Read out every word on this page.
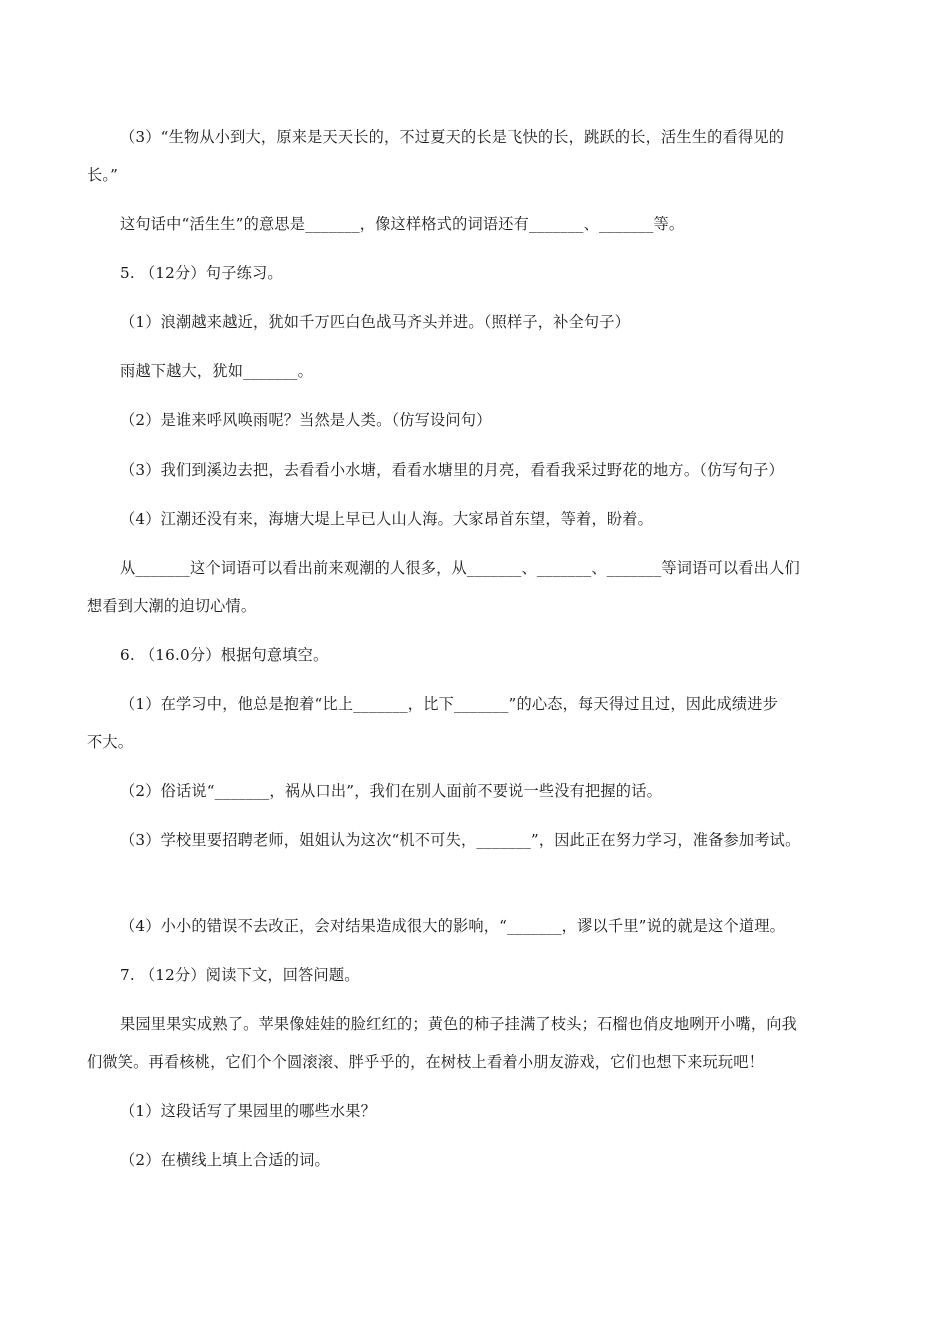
（3）“生物从小到大，原来是天天长的，不过夏天的长是飞快的长，跳跃的长，活生生的看得见的
长。”
这句话中“活生生”的意思是_______，像这样格式的词语还有_______、_______等。
5. （12分）句子练习。
（1）浪潮越来越近，犹如千万匹白色战马齐头并进。（照样子，补全句子）
雨越下越大，犹如_______。
（2）是谁来呼风唤雨呢？当然是人类。（仿写设问句）
（3）我们到溪边去把，去看看小水塘，看看水塘里的月亮，看看我采过野花的地方。（仿写句子）
（4）江潮还没有来，海塘大堤上早已人山人海。大家昂首东望，等着，盼着。
从_______这个词语可以看出前来观潮的人很多，从_______、_______、_______等词语可以看出人们
想看到大潮的迫切心情。
6. （16.0分）根据句意填空。
（1）在学习中，他总是抱着“比上_______，比下_______”的心态，每天得过且过，因此成绩进步
不大。
（2）俗话说“_______，祸从口出”，我们在别人面前不要说一些没有把握的话。
（3）学校里要招聘老师，姐姐认为这次“机不可失，_______”，因此正在努力学习，准备参加考试。
（4）小小的错误不去改正，会对结果造成很大的影响，“_______，谬以千里”说的就是这个道理。
7. （12分）阅读下文，回答问题。
果园里果实成熟了。苹果像娃娃的脸红红的；黄色的柿子挂满了枝头；石榴也俏皮地咧开小嘴，向我
们微笑。再看核桃，它们个个圆滚滚、胖乎乎的，在树枝上看着小朋友游戏，它们也想下来玩玩吧！
（1）这段话写了果园里的哪些水果？
（2）在横线上填上合适的词。
